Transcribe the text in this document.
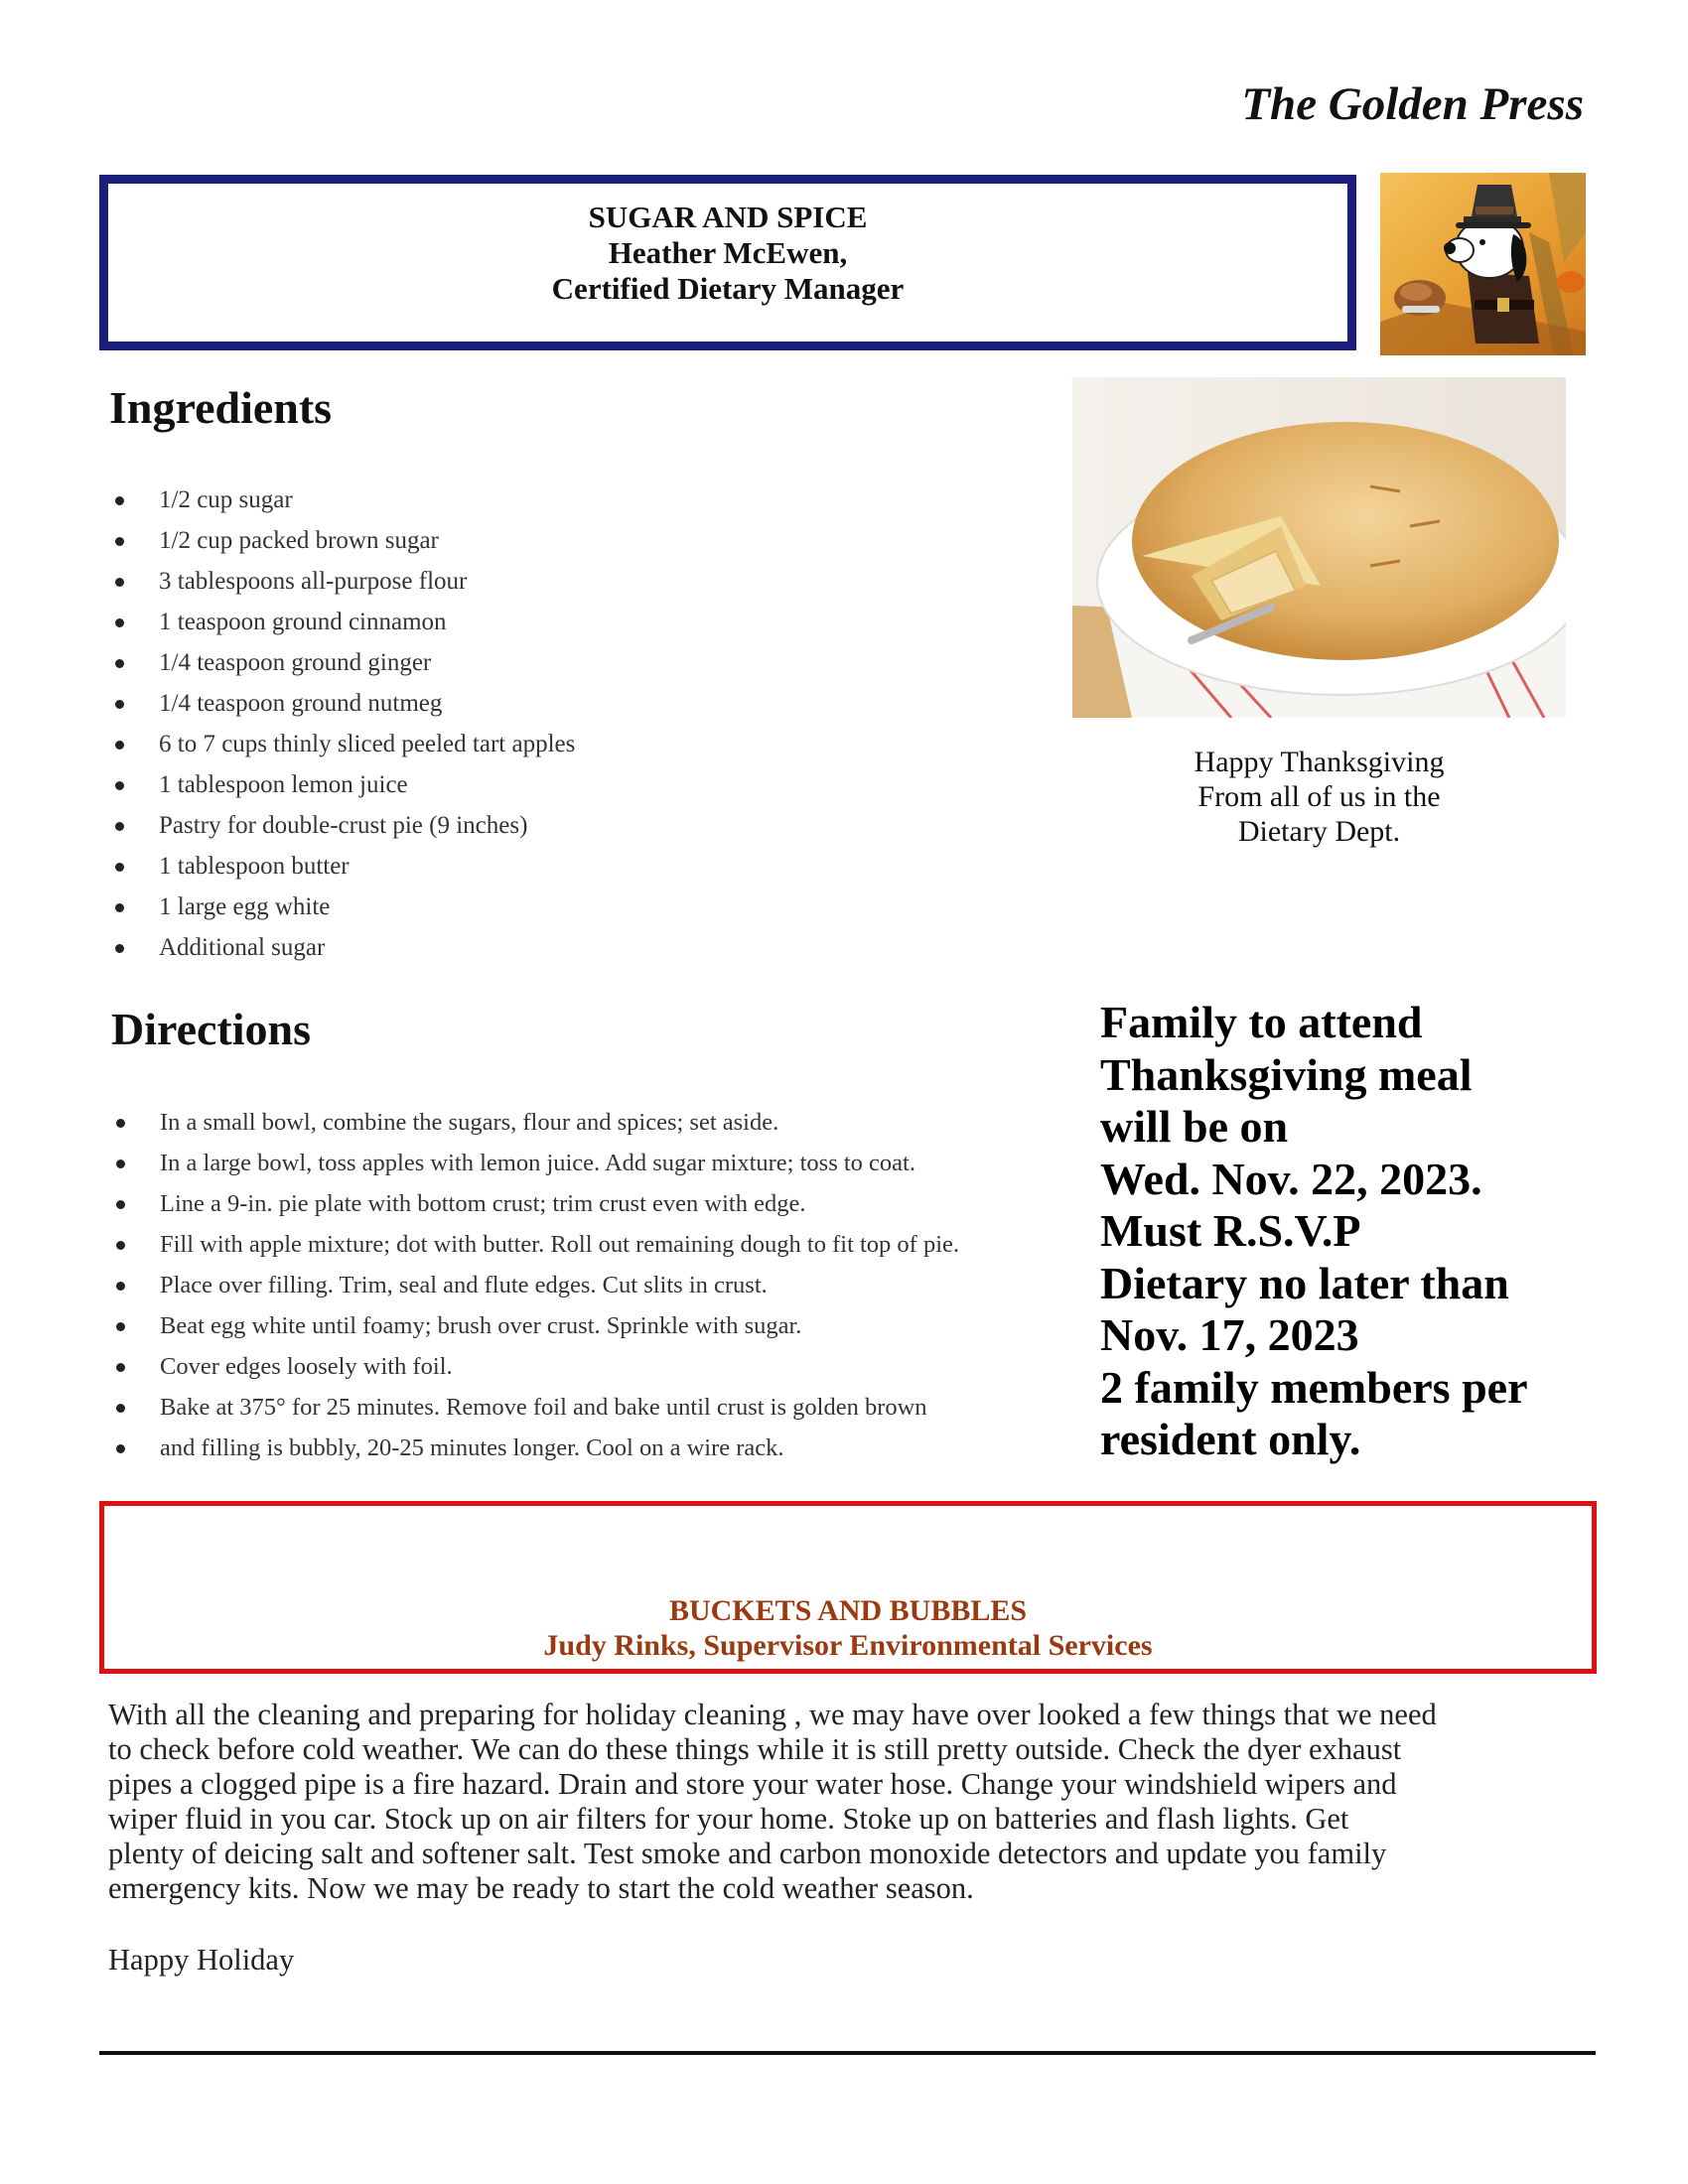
The Golden Press
SUGAR AND SPICE
Heather McEwen,
Certified Dietary Manager
Ingredients
1/2 cup sugar
1/2 cup packed brown sugar
3 tablespoons all-purpose flour
1 teaspoon ground cinnamon
1/4 teaspoon ground ginger
1/4 teaspoon ground nutmeg
6 to 7 cups thinly sliced peeled tart apples
1 tablespoon lemon juice
Pastry for double-crust pie (9 inches)
1 tablespoon butter
1 large egg white
Additional sugar
Happy Thanksgiving
From all of us in the
Dietary Dept.
Directions
In a small bowl, combine the sugars, flour and spices; set aside.
In a large bowl, toss apples with lemon juice. Add sugar mixture; toss to coat.
Line a 9-in. pie plate with bottom crust; trim crust even with edge.
Fill with apple mixture; dot with butter. Roll out remaining dough to fit top of pie.
Place over filling. Trim, seal and flute edges. Cut slits in crust.
Beat egg white until foamy; brush over crust. Sprinkle with sugar.
Cover edges loosely with foil.
Bake at 375° for 25 minutes. Remove foil and bake until crust is golden brown
and filling is bubbly, 20-25 minutes longer. Cool on a wire rack.
Family to attend
Thanksgiving meal
will be on
Wed. Nov. 22, 2023.
Must R.S.V.P
Dietary no later than
Nov. 17, 2023
2 family members per
resident only.
BUCKETS AND BUBBLES
Judy Rinks, Supervisor Environmental Services
With all the cleaning and preparing for holiday cleaning , we may have over looked a few things that we need
to check before cold weather. We can do these things while it is still pretty outside. Check the dyer exhaust
pipes a clogged pipe is a fire hazard. Drain and store your water hose. Change your windshield wipers and
wiper fluid in you car. Stock up on air filters for your home. Stoke up on batteries and flash lights. Get
plenty of deicing salt and softener salt. Test smoke and carbon monoxide detectors and update you family
emergency kits. Now we may be ready to start the cold weather season.
Happy Holiday
